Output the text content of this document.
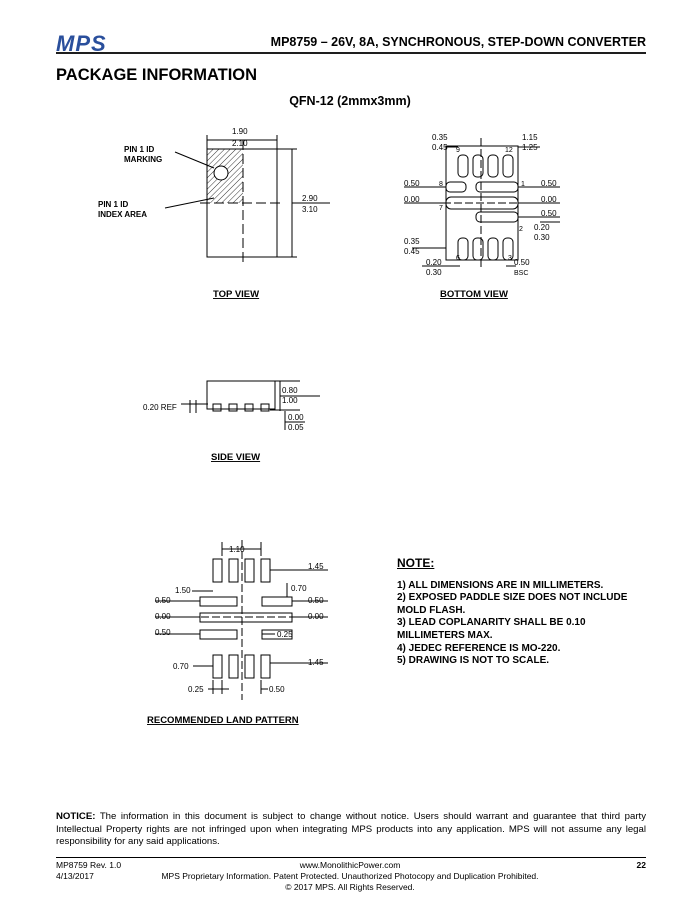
MPS	MP8759 – 26V, 8A, SYNCHRONOUS, STEP-DOWN CONVERTER
PACKAGE INFORMATION
QFN-12 (2mmx3mm)
1.90
2.10
2.90
3.10
PIN 1 ID
MARKING
PIN 1 ID
INDEX AREA
TOP VIEW
0.35
0.45
1.15
1.25
9	12
8	1
7
2
6	3
0.50
0.00
0.50
0.00
0.50
0.20
0.30
0.35
0.45
0.20
0.30
0.50
BSC
BOTTOM VIEW
0.80
1.00
0.00
0.05
0.20 REF
SIDE VIEW
1.10
1.45
1.50	0.70
0.50	0.50
0.00	0.00
0.50	0.25
0.70	1.45
0.25	0.50
RECOMMENDED LAND PATTERN
NOTE:
1) ALL DIMENSIONS ARE IN MILLIMETERS.
2) EXPOSED PADDLE SIZE DOES NOT INCLUDE MOLD FLASH.
3) LEAD COPLANARITY SHALL BE 0.10 MILLIMETERS MAX.
4) JEDEC REFERENCE IS MO-220.
5) DRAWING IS NOT TO SCALE.
NOTICE: The information in this document is subject to change without notice. Users should warrant and guarantee that third party Intellectual Property rights are not infringed upon when integrating MPS products into any application. MPS will not assume any legal responsibility for any said applications.
MP8759 Rev. 1.0
4/13/2017
www.MonolithicPower.com
MPS Proprietary Information. Patent Protected. Unauthorized Photocopy and Duplication Prohibited.
© 2017 MPS. All Rights Reserved.
22
